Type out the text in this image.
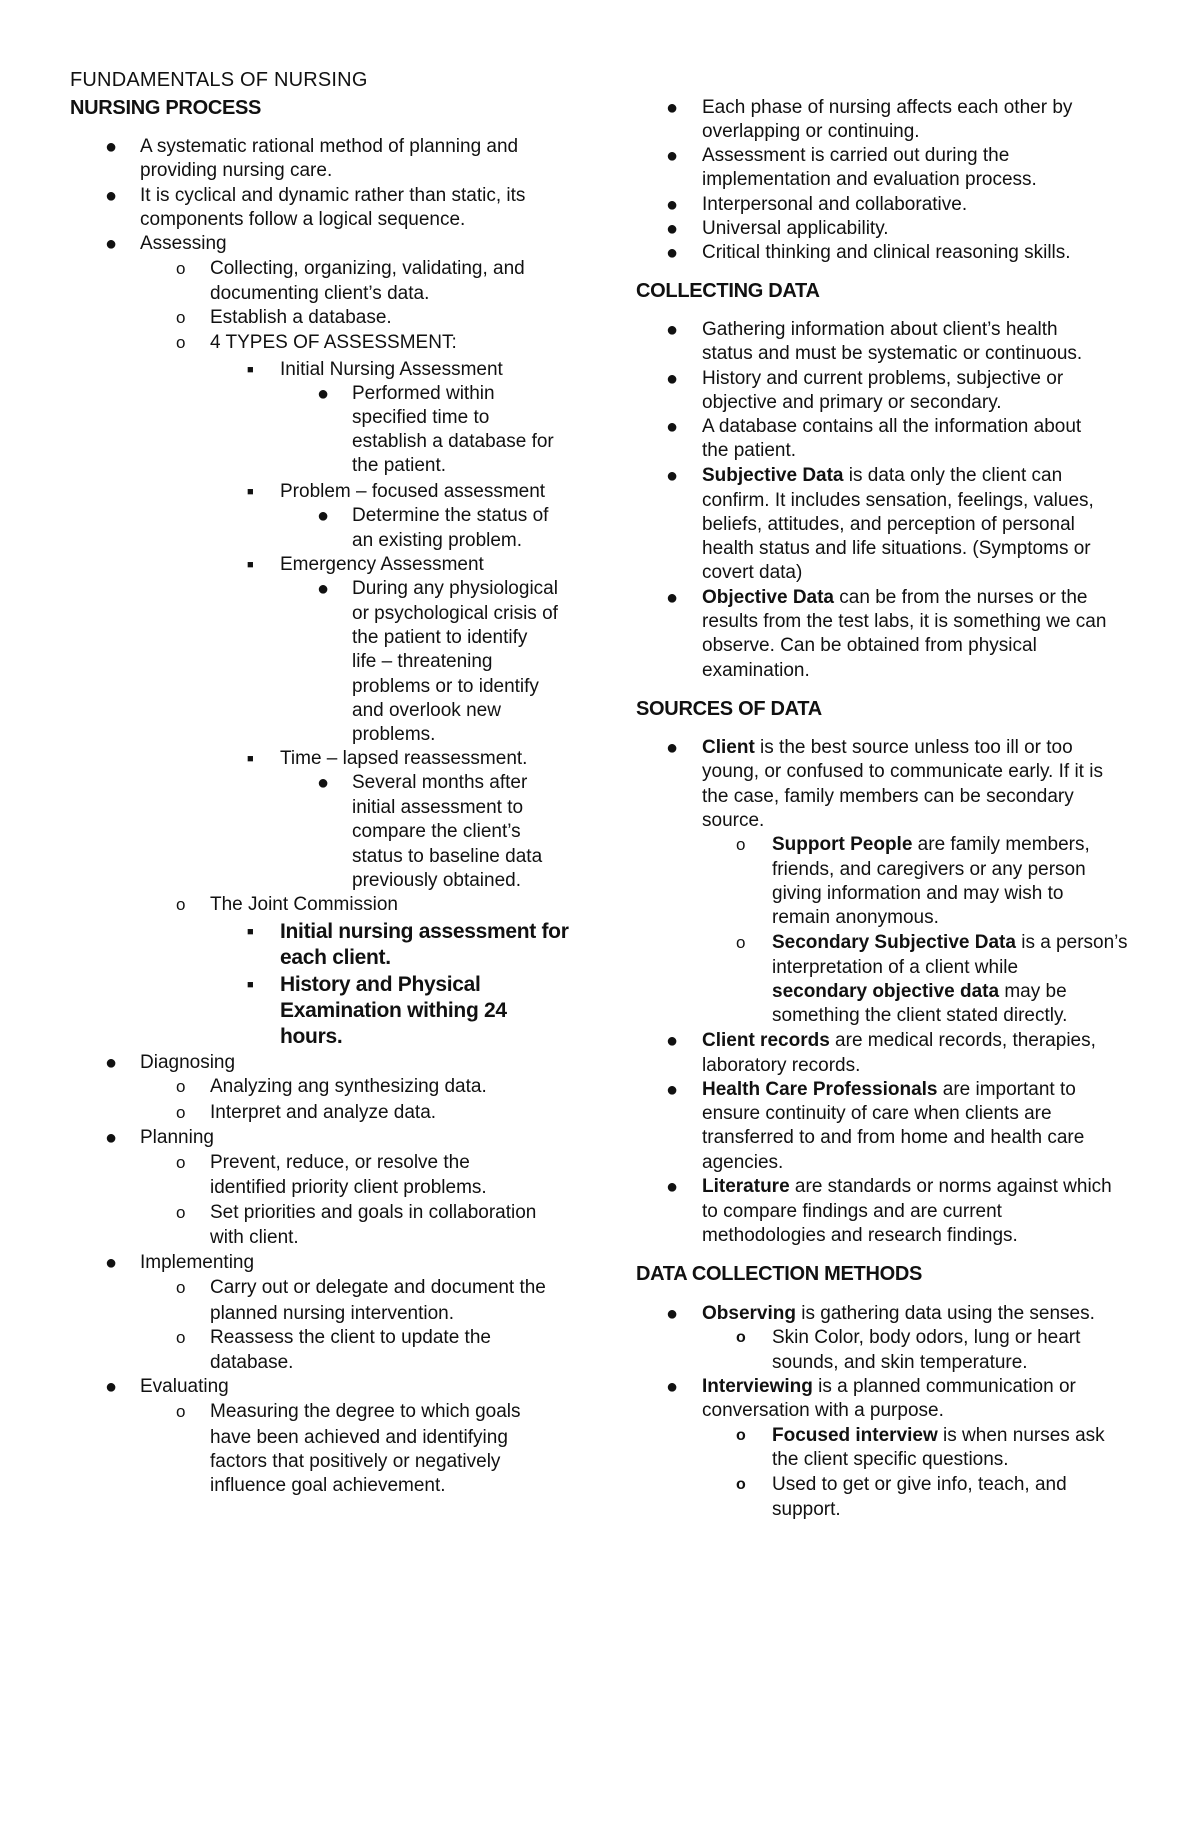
FUNDAMENTALS OF NURSING
NURSING PROCESS
● A systematic rational method of planning and
providing nursing care.
● It is cyclical and dynamic rather than static, its
components follow a logical sequence.
● Assessing
o Collecting, organizing, validating, and
documenting client’s data.
o Establish a database.
o 4 TYPES OF ASSESSMENT:
■ Initial Nursing Assessment
● Performed within
specified time to
establish a database for
the patient.
■ Problem – focused assessment
● Determine the status of
an existing problem.
■ Emergency Assessment
● During any physiological
or psychological crisis of
the patient to identify
life – threatening
problems or to identify
and overlook new
problems.
■ Time – lapsed reassessment.
● Several months after
initial assessment to
compare the client’s
status to baseline data
previously obtained.
o The Joint Commission
■ Initial nursing assessment for
each client.
■ History and Physical
Examination withing 24
hours.
● Diagnosing
o Analyzing ang synthesizing data.
o Interpret and analyze data.
● Planning
o Prevent, reduce, or resolve the
identified priority client problems.
o Set priorities and goals in collaboration
with client.
● Implementing
o Carry out or delegate and document the
planned nursing intervention.
o Reassess the client to update the
database.
● Evaluating
o Measuring the degree to which goals
have been achieved and identifying
factors that positively or negatively
influence goal achievement.
● Each phase of nursing affects each other by
overlapping or continuing.
● Assessment is carried out during the
implementation and evaluation process.
● Interpersonal and collaborative.
● Universal applicability.
● Critical thinking and clinical reasoning skills.
COLLECTING DATA
● Gathering information about client’s health
status and must be systematic or continuous.
● History and current problems, subjective or
objective and primary or secondary.
● A database contains all the information about
the patient.
● Subjective Data is data only the client can
confirm. It includes sensation, feelings, values,
beliefs, attitudes, and perception of personal
health status and life situations. (Symptoms or
covert data)
● Objective Data can be from the nurses or the
results from the test labs, it is something we can
observe. Can be obtained from physical
examination.
SOURCES OF DATA
● Client is the best source unless too ill or too
young, or confused to communicate early. If it is
the case, family members can be secondary
source.
o Support People are family members,
friends, and caregivers or any person
giving information and may wish to
remain anonymous.
o Secondary Subjective Data is a person’s
interpretation of a client while
secondary objective data may be
something the client stated directly.
● Client records are medical records, therapies,
laboratory records.
● Health Care Professionals are important to
ensure continuity of care when clients are
transferred to and from home and health care
agencies.
● Literature are standards or norms against which
to compare findings and are current
methodologies and research findings.
DATA COLLECTION METHODS
● Observing is gathering data using the senses.
o Skin Color, body odors, lung or heart
sounds, and skin temperature.
● Interviewing is a planned communication or
conversation with a purpose.
o Focused interview is when nurses ask
the client specific questions.
o Used to get or give info, teach, and
support.
